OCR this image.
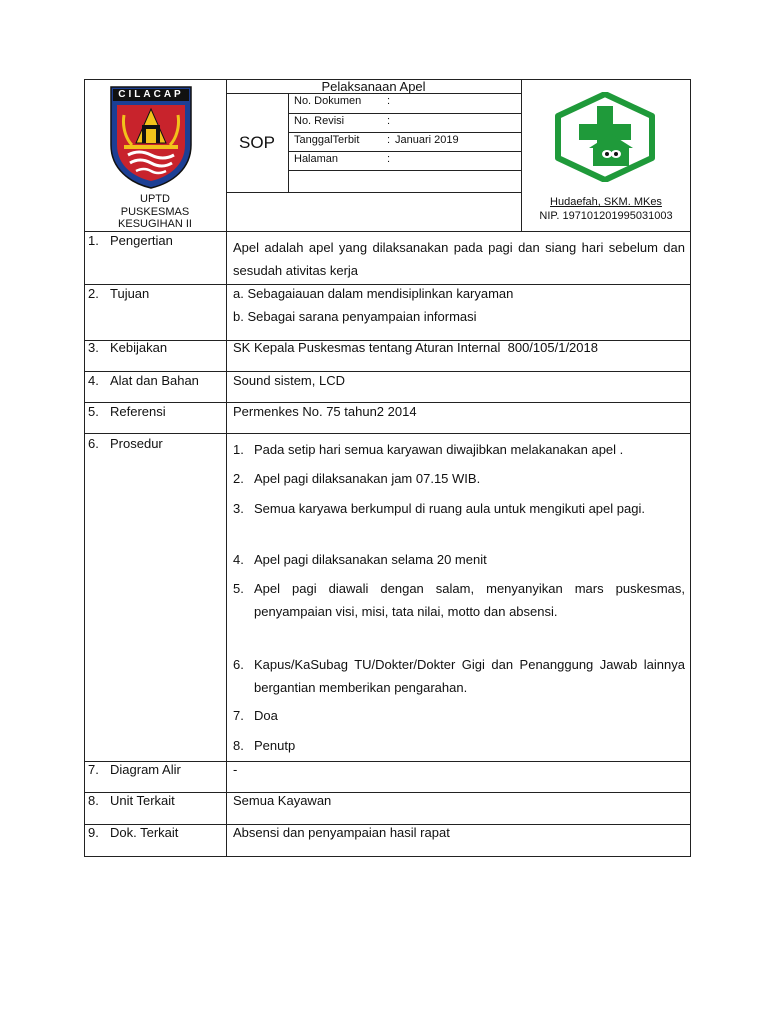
Pelaksanaan Apel
SOP
No. Dokumen :
No. Revisi	:
TanggalTerbit	: Januari 2019
Halaman	:
CILACAP
UPTD
PUSKESMAS
KESUGIHAN II
Hudaefah, SKM. MKes
NIP. 197101201995031003
1. Pengertian	Apel adalah apel yang dilaksanakan pada pagi dan siang hari sebelum dan sesudah ativitas kerja
2. Tujuan	a. Sebagaiauan dalam mendisiplinkan karyaman
b. Sebagai sarana penyampaian informasi
3. Kebijakan	SK Kepala Puskesmas tentang Aturan Internal  800/105/1/2018
4. Alat dan Bahan	Sound sistem, LCD
5. Referensi	Permenkes No. 75 tahun2 2014
6. Prosedur	1. Pada setip hari semua karyawan diwajibkan melakanakan apel .
2. Apel pagi dilaksanakan jam 07.15 WIB.
3. Semua karyawa berkumpul di ruang aula untuk mengikuti apel pagi.
4. Apel pagi dilaksanakan selama 20 menit
5. Apel pagi diawali dengan salam, menyanyikan mars puskesmas, penyampaian visi, misi, tata nilai, motto dan absensi.
6. Kapus/KaSubag TU/Dokter/Dokter Gigi dan Penanggung Jawab lainnya bergantian memberikan pengarahan.
7. Doa
8. Penutp
7. Diagram Alir	-
8. Unit Terkait	Semua Kayawan
9. Dok. Terkait	Absensi dan penyampaian hasil rapat
